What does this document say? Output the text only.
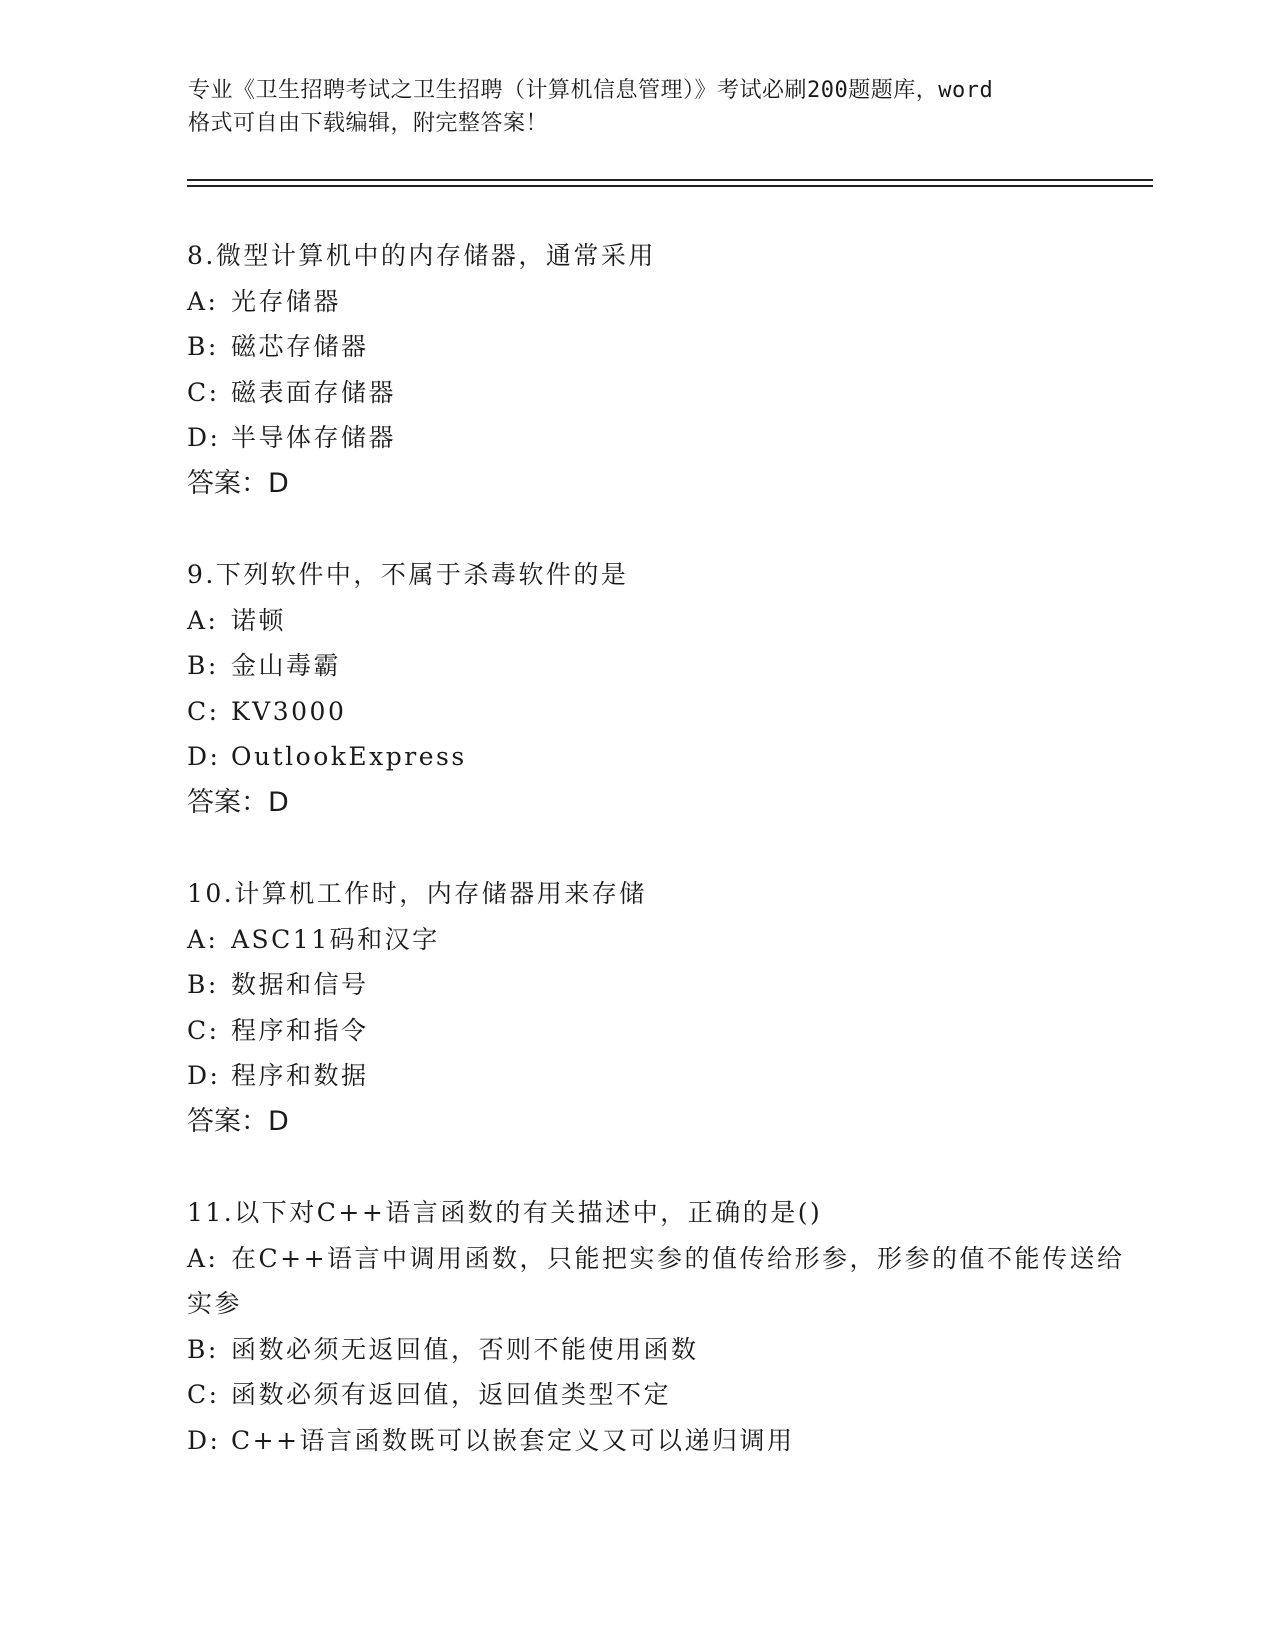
专业《卫生招聘考试之卫生招聘（计算机信息管理）》考试必刷200题题库，word
格式可自由下载编辑，附完整答案！

8.微型计算机中的内存储器，通常采用

A: 光存储器

B: 磁芯存储器

C: 磁表面存储器

D: 半导体存储器

答案：D

9.下列软件中，不属于杀毒软件的是

A: 诺顿

B: 金山毒霸

C: KV3000

D: OutlookExpress

答案：D

10.计算机工作时，内存储器用来存储

A: ASC11码和汉字

B: 数据和信号

C: 程序和指令

D: 程序和数据

答案：D

11.以下对C++语言函数的有关描述中，正确的是()

A: 在C++语言中调用函数，只能把实参的值传给形参，形参的值不能传送给实参

B: 函数必须无返回值，否则不能使用函数

C: 函数必须有返回值，返回值类型不定

D: C++语言函数既可以嵌套定义又可以递归调用
